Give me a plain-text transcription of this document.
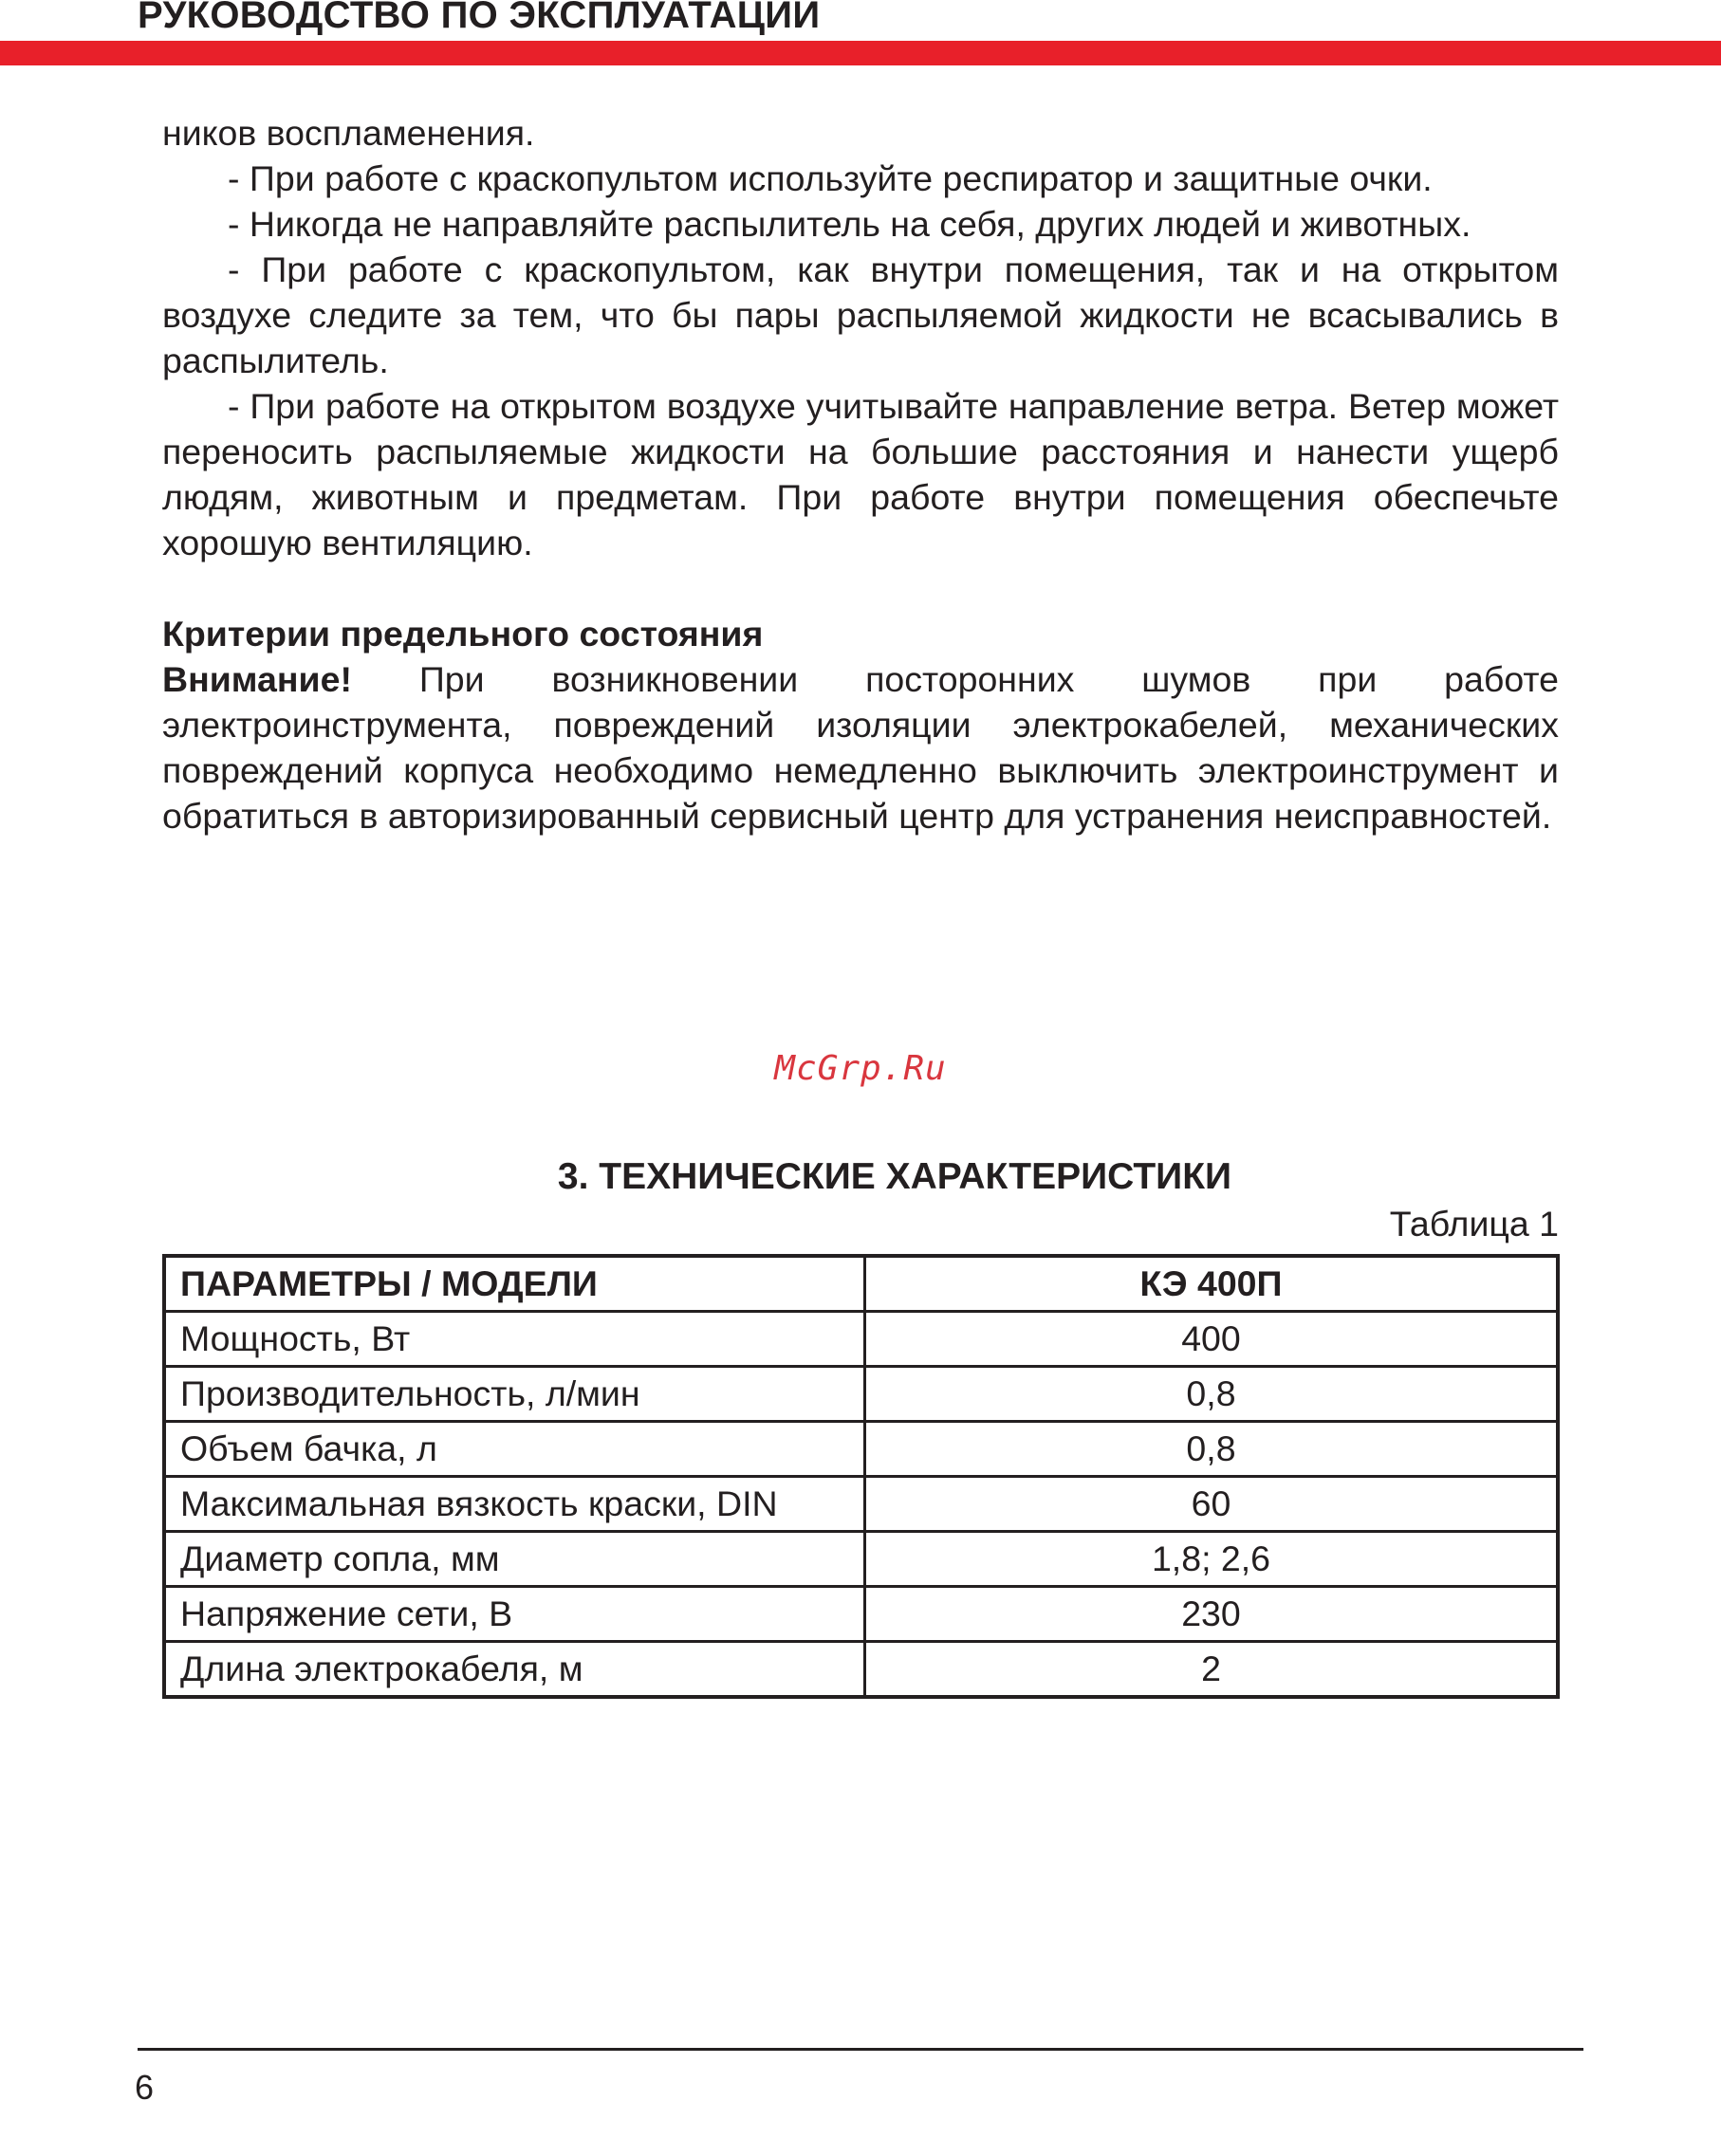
РУКОВОДСТВО ПО ЭКСПЛУАТАЦИИ

ников воспламенения.

- При работе с краскопультом используйте респиратор и защитные очки.

- Никогда не направляйте распылитель на себя, других людей и животных.

- При работе с краскопультом, как внутри помещения, так и на открытом воздухе следите за тем, что бы пары распыляемой жидкости не всасывались в распылитель.

- При работе на открытом воздухе учитывайте направление ветра. Ветер может переносить распыляемые жидкости на большие расстояния и нанести ущерб людям, животным и предметам. При работе внутри помещения обеспечьте хорошую вентиляцию.

Критерии предельного состояния

Внимание! При возникновении посторонних шумов при работе электроинструмента, повреждений изоляции электрокабелей, механических повреждений корпуса необходимо немедленно выключить электроинструмент и обратиться в авторизированный сервисный центр для устранения неисправностей.

McGrp.Ru
3. ТЕХНИЧЕСКИЕ ХАРАКТЕРИСТИКИ
Таблица 1
ПАРАМЕТРЫ / МОДЕЛИ	КЭ 400П
Мощность, Вт	400
Производительность, л/мин	0,8
Объем бачка, л	0,8
Максимальная вязкость краски, DIN	60
Диаметр сопла, мм	1,8; 2,6
Напряжение сети, В	230
Длина электрокабеля, м	2
6
